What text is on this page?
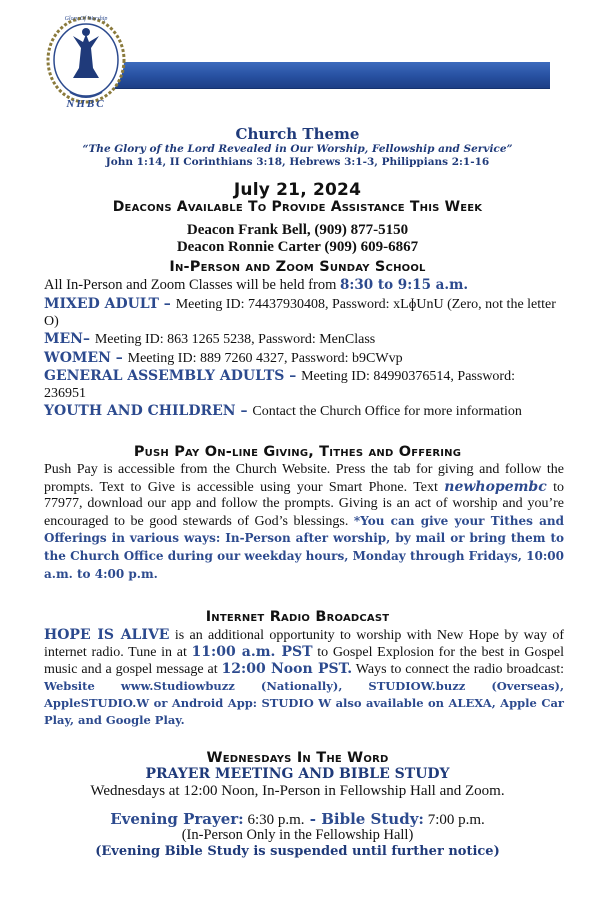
Glory Of Worship
NHBC
Church Theme
“The Glory of the Lord Revealed in Our Worship, Fellowship and Service”
John 1:14, II Corinthians 3:18, Hebrews 3:1-3, Philippians 2:1-16
July 21, 2024
Deacons Available To Provide Assistance This Week
Deacon Frank Bell, (909) 877-5150
Deacon Ronnie Carter (909) 609-6867
In-Person and Zoom Sunday School
All In-Person and Zoom Classes will be held from 8:30 to 9:15 a.m.
MIXED ADULT – Meeting ID: 74437930408, Password: xLɸUnU (Zero, not the letter O)
MEN– Meeting ID: 863 1265 5238, Password: MenClass
WOMEN – Meeting ID: 889 7260 4327, Password: b9CWvp
GENERAL ASSEMBLY ADULTS – Meeting ID: 84990376514, Password: 236951
YOUTH AND CHILDREN – Contact the Church Office for more information
Push Pay On-line Giving, Tithes and Offering
Push Pay is accessible from the Church Website. Press the tab for giving and follow the prompts. Text to Give is accessible using your Smart Phone. Text newhopembc to 77977, download our app and follow the prompts. Giving is an act of worship and you’re encouraged to be good stewards of God’s blessings. *You can give your Tithes and Offerings in various ways: In-Person after worship, by mail or bring them to the Church Office during our weekday hours, Monday through Fridays, 10:00 a.m. to 4:00 p.m.
Internet Radio Broadcast
HOPE IS ALIVE is an additional opportunity to worship with New Hope by way of internet radio. Tune in at 11:00 a.m. PST to Gospel Explosion for the best in Gospel music and a gospel message at 12:00 Noon PST. Ways to connect the radio broadcast: Website www.Studiowbuzz (Nationally), STUDIOW.buzz (Overseas), AppleSTUDIO.W or Android App: STUDIO W also available on ALEXA, Apple Car Play, and Google Play.
Wednesdays In The Word
PRAYER MEETING AND BIBLE STUDY
Wednesdays at 12:00 Noon, In-Person in Fellowship Hall and Zoom.
Evening Prayer: 6:30 p.m. - Bible Study: 7:00 p.m.
(In-Person Only in the Fellowship Hall)
(Evening Bible Study is suspended until further notice)
